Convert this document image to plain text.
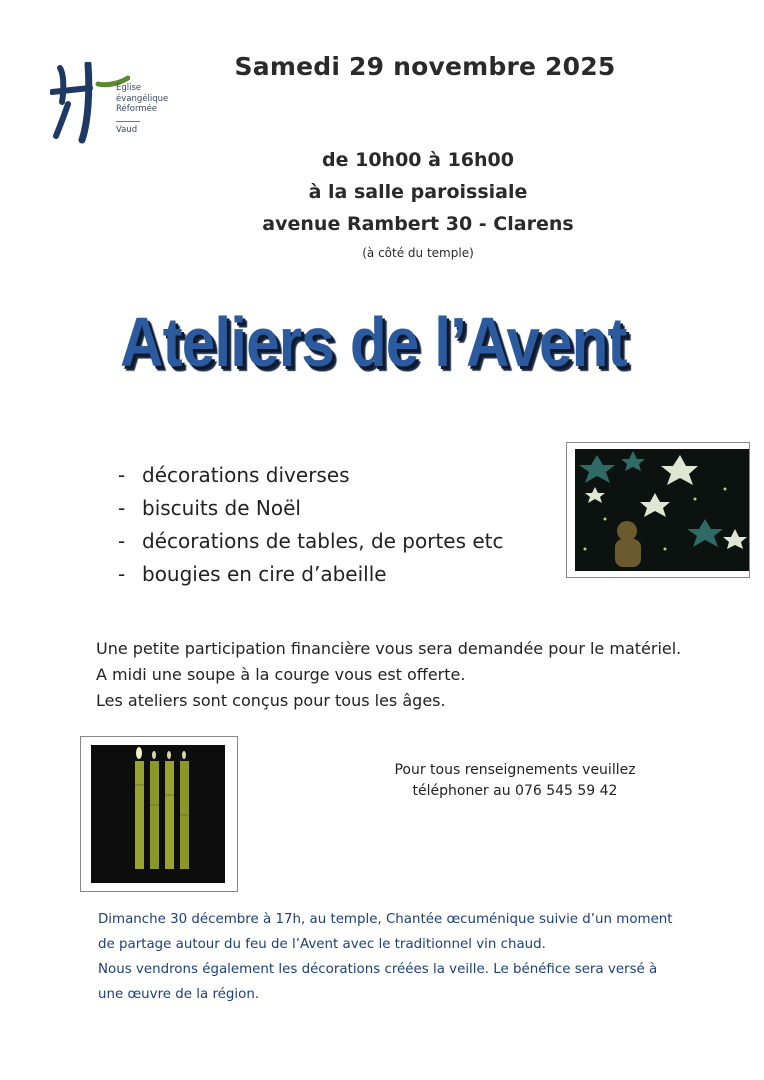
Eglise
évangélique
Réformée
Vaud
Samedi 29 novembre 2025
de 10h00 à 16h00
à la salle paroissiale
avenue Rambert 30 - Clarens
(à côté du temple)
Ateliers de l’Avent
- décorations diverses
- biscuits de Noël
- décorations de tables, de portes etc
- bougies en cire d’abeille
Une petite participation financière vous sera demandée pour le matériel.
A midi une soupe à la courge vous est offerte.
Les ateliers sont conçus pour tous les âges.
Pour tous renseignements veuillez
téléphoner au 076 545 59 42
Dimanche 30 décembre à 17h, au temple, Chantée œcuménique suivie d’un moment
de partage autour du feu de l’Avent avec le traditionnel vin chaud.
Nous vendrons également les décorations créées la veille. Le bénéfice sera versé à
une œuvre de la région.
